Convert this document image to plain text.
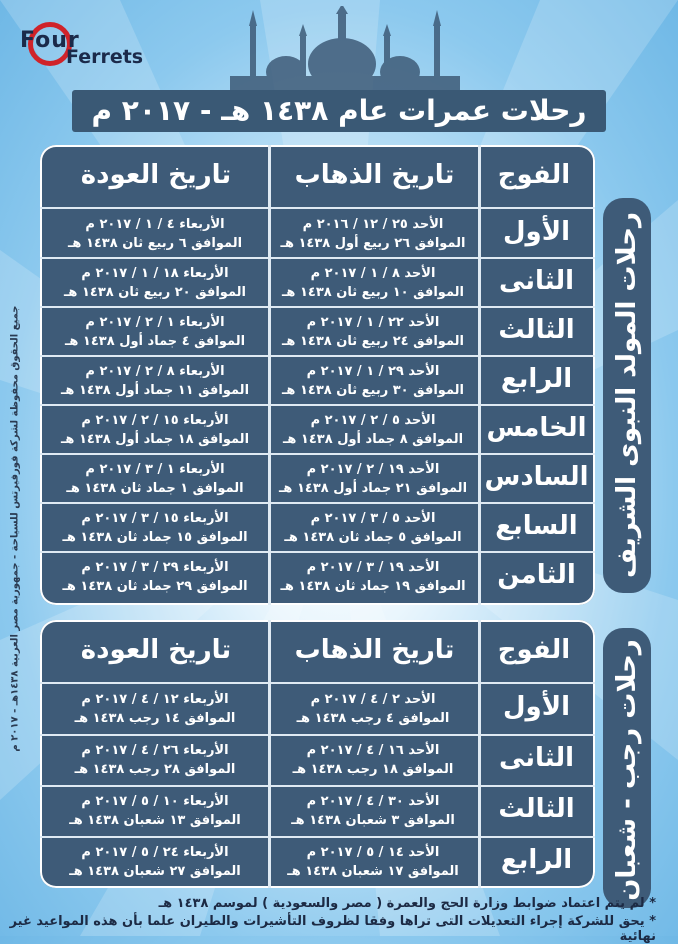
Four
Ferrets
رحلات عمرات عام ١٤٣٨ هـ - ٢٠١٧ م
الفوج
تاريخ الذهاب
تاريخ العودة
الأول
الأحد ٢٥ / ١٢ / ٢٠١٦ م
الموافق ٢٦ ربيع أول ١٤٣٨ هـ
الأربعاء ٤ / ١ / ٢٠١٧ م
الموافق ٦ ربيع ثان ١٤٣٨ هـ
الثانى
الأحد ٨ / ١ / ٢٠١٧ م
الموافق ١٠ ربيع ثان ١٤٣٨ هـ
الأربعاء ١٨ / ١ / ٢٠١٧ م
الموافق ٢٠ ربيع ثان ١٤٣٨ هـ
الثالث
الأحد ٢٢ / ١ / ٢٠١٧ م
الموافق ٢٤ ربيع ثان ١٤٣٨ هـ
الأربعاء ١ / ٢ / ٢٠١٧ م
الموافق ٤ جماد أول ١٤٣٨ هـ
الرابع
الأحد ٢٩ / ١ / ٢٠١٧ م
الموافق ٣٠ ربيع ثان ١٤٣٨ هـ
الأربعاء ٨ / ٢ / ٢٠١٧ م
الموافق ١١ جماد أول ١٤٣٨ هـ
الخامس
الأحد ٥ / ٢ / ٢٠١٧ م
الموافق ٨ جماد أول ١٤٣٨ هـ
الأربعاء ١٥ / ٢ / ٢٠١٧ م
الموافق ١٨ جماد أول ١٤٣٨ هـ
السادس
الأحد ١٩ / ٢ / ٢٠١٧ م
الموافق ٢١ جماد أول ١٤٣٨ هـ
الأربعاء ١ / ٣ / ٢٠١٧ م
الموافق ١ جماد ثان ١٤٣٨ هـ
السابع
الأحد ٥ / ٣ / ٢٠١٧ م
الموافق ٥ جماد ثان ١٤٣٨ هـ
الأربعاء ١٥ / ٣ / ٢٠١٧ م
الموافق ١٥ جماد ثان ١٤٣٨ هـ
الثامن
الأحد ١٩ / ٣ / ٢٠١٧ م
الموافق ١٩ جماد ثان ١٤٣٨ هـ
الأربعاء ٢٩ / ٣ / ٢٠١٧ م
الموافق ٢٩ جماد ثان ١٤٣٨ هـ
رحلات المولد النبوى الشريف
الفوج
تاريخ الذهاب
تاريخ العودة
الأول
الأحد ٢ / ٤ / ٢٠١٧ م
الموافق ٤ رجب ١٤٣٨ هـ
الأربعاء ١٢ / ٤ / ٢٠١٧ م
الموافق ١٤ رجب ١٤٣٨ هـ
الثانى
الأحد ١٦ / ٤ / ٢٠١٧ م
الموافق ١٨ رجب ١٤٣٨ هـ
الأربعاء ٢٦ / ٤ / ٢٠١٧ م
الموافق ٢٨ رجب ١٤٣٨ هـ
الثالث
الأحد ٣٠ / ٤ / ٢٠١٧ م
الموافق ٣ شعبان ١٤٣٨ هـ
الأربعاء ١٠ / ٥ / ٢٠١٧ م
الموافق ١٣ شعبان ١٤٣٨ هـ
الرابع
الأحد ١٤ / ٥ / ٢٠١٧ م
الموافق ١٧ شعبان ١٤٣٨ هـ
الأربعاء ٢٤ / ٥ / ٢٠١٧ م
الموافق ٢٧ شعبان ١٤٣٨ هـ	رحلات رجب - شعبان
جميع الحقوق محفوظة لشركة فورفيرتس للسياحة - جمهورية مصر العربية ١٤٣٨هـ - ٢٠١٧ م
* لم يتم اعتماد ضوابط وزارة الحج والعمرة ( مصر والسعودية ) لموسم ١٤٣٨ هـ
* يحق للشركة إجراء التعديلات التى تراها وفقا لظروف التأشيرات والطيران علما بأن هذه المواعيد غير نهائية
